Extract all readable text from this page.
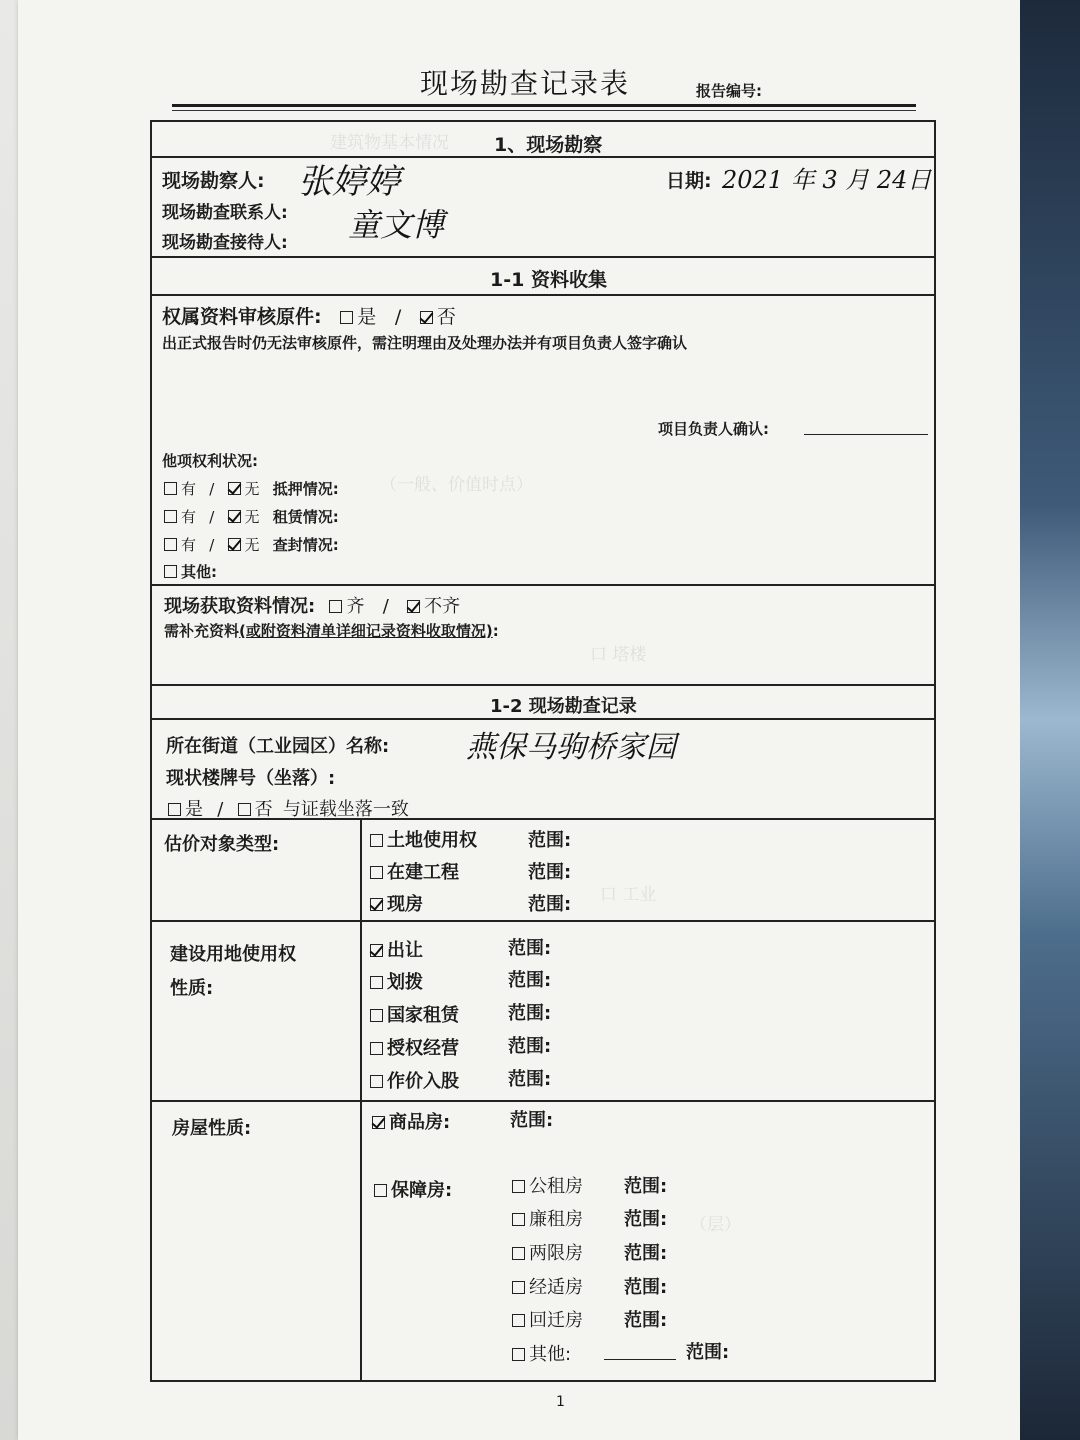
建筑物基本情况
（一般、价值时点）
口 塔楼
口 工业
（层）
现场勘查记录表	报告编号:
1、现场勘察
现场勘察人: 张婷婷
现场勘查联系人:
现场勘查接待人: 童文博
日期: 2021 年 3 月 24日
1-1 资料收集
权属资料审核原件: 是 / 否
出正式报告时仍无法审核原件，需注明理由及处理办法并有项目负责人签字确认
项目负责人确认:
他项权利状况:
有 / 无 抵押情况:
有 / 无 租赁情况:
有 / 无 查封情况:
其他:
现场获取资料情况: 齐 / 不齐
需补充资料(或附资料清单详细记录资料收取情况):
1-2 现场勘查记录
所在街道（工业园区）名称:	燕保马驹桥家园
现状楼牌号（坐落）:
是 / 否 与证载坐落一致
估价对象类型:	土地使用权	范围:
在建工程	范围:
现房	范围:
建设用地使用权
性质:
出让	范围:
划拨	范围:
国家租赁	范围:
授权经营	范围:
作价入股	范围:
房屋性质:	商品房:	范围:
保障房:	公租房 范围:
廉租房 范围:
两限房 范围:
经适房 范围:
回迁房 范围:
其他:	范围:
1
